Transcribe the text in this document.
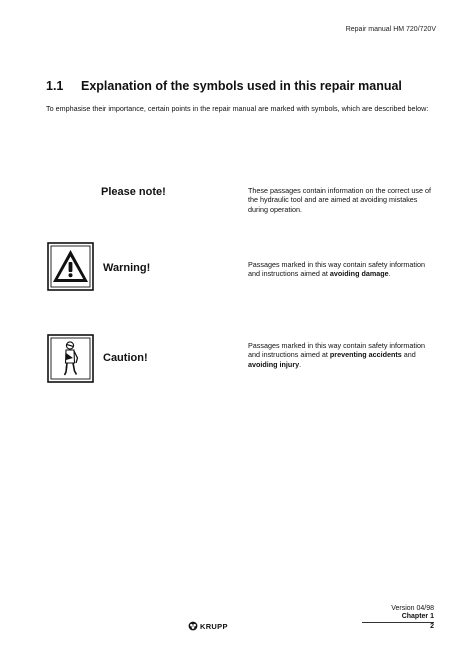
Repair manual HM 720/720V
1.1 Explanation of the symbols used in this repair manual
To emphasise their importance, certain points in the repair manual are marked with symbols, which are described below:
Please note!	These passages contain information on the correct use of the hydraulic tool and are aimed at avoiding mistakes during operation.
Warning!	Passages marked in this way contain safety information and instructions aimed at avoiding damage.
Caution!
Passages marked in this way contain safety information and instructions aimed at preventing accidents and avoiding injury.
KRUPP
Version 04/98
Chapter 1
2
